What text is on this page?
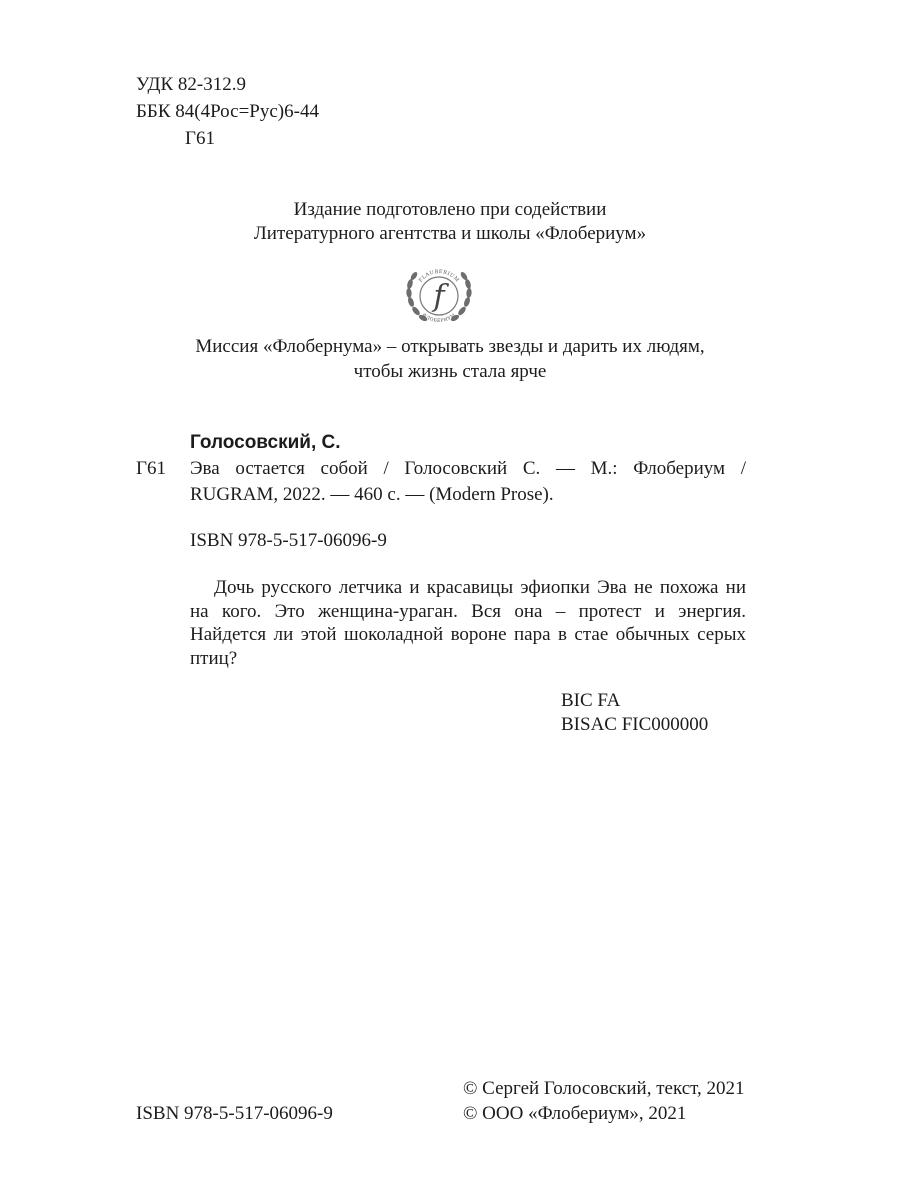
УДК 82-312.9
ББК 84(4Рос=Рус)6-44
Г61
Издание подготовлено при содействии
Литературного агентства и школы «Флобериум»
FLAUBERIUM
ФЛОБЕРИУМ
f
Миссия «Флобернума» – открывать звезды и дарить их людям,
чтобы жизнь стала ярче
Голосовский, С.
Г61 Эва остается собой / Голосовский С. — М.: Флобериум /
RUGRAM, 2022. — 460 с. — (Modern Prose).
ISBN 978-5-517-06096-9
Дочь русского летчика и красавицы эфиопки Эва не похожа ни на кого. Это женщина-ураган. Вся она – протест и энергия. Найдется ли этой шоколадной вороне пара в стае обычных серых птиц?
BIC FA
BISAC FIC000000
ISBN 978-5-517-06096-9
© Сергей Голосовский, текст, 2021
© ООО «Флобериум», 2021
